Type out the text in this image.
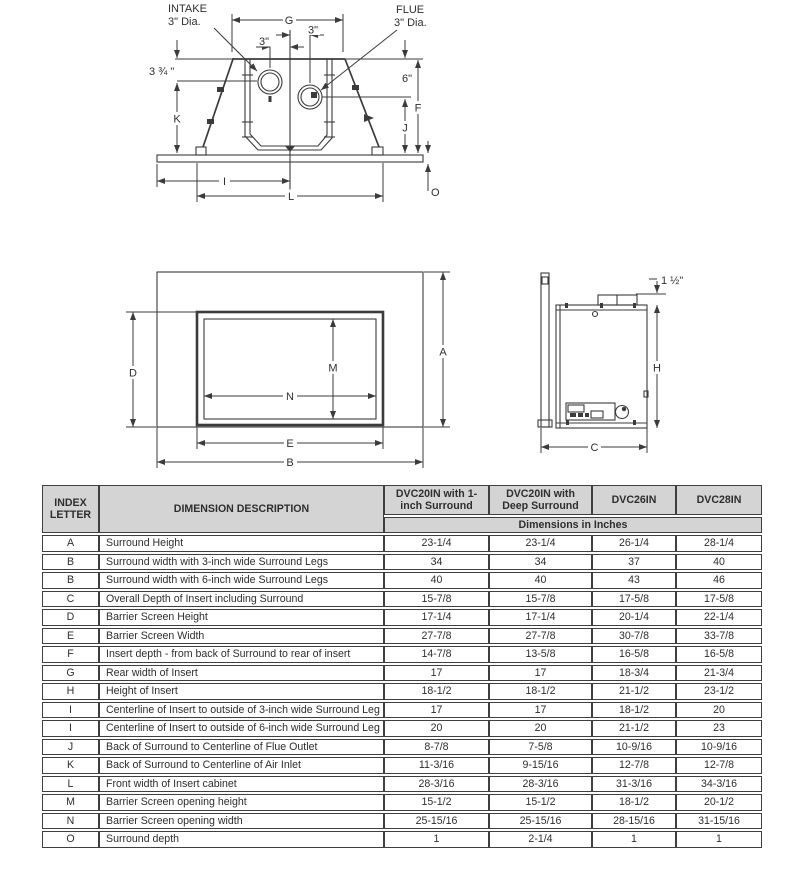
G
3"
3"
3 ¾ "
K
6"
J
F
I
L	O
INTAKE
3" Dia.
FLUE
3" Dia.
D
A
M
N
E
B
1 ½"
H
C
INDEX LETTER	DIMENSION DESCRIPTION	DVC20IN with 1-inch Surround	DVC20IN with Deep Surround	DVC26IN	DVC28IN
		Dimensions in Inches			
A	Surround Height	23-1/4	23-1/4	26-1/4	28-1/4
B	Surround width with 3-inch wide Surround Legs	34	34	37	40
B	Surround width with 6-inch wide Surround Legs	40	40	43	46
C	Overall Depth of Insert including Surround	15-7/8	15-7/8	17-5/8	17-5/8
D	Barrier Screen Height	17-1/4	17-1/4	20-1/4	22-1/4
E	Barrier Screen Width	27-7/8	27-7/8	30-7/8	33-7/8
F	Insert depth - from back of Surround to rear of insert	14-7/8	13-5/8	16-5/8	16-5/8
G	Rear width of Insert	17	17	18-3/4	21-3/4
H	Height of Insert	18-1/2	18-1/2	21-1/2	23-1/2
I	Centerline of Insert to outside of 3-inch wide Surround Leg	17	17	18-1/2	20
I	Centerline of Insert to outside of 6-inch wide Surround Leg	20	20	21-1/2	23
J	Back of Surround to Centerline of Flue Outlet	8-7/8	7-5/8	10-9/16	10-9/16
K	Back of Surround to Centerline of Air Inlet	11-3/16	9-15/16	12-7/8	12-7/8
L	Front width of Insert cabinet	28-3/16	28-3/16	31-3/16	34-3/16
M	Barrier Screen opening height	15-1/2	15-1/2	18-1/2	20-1/2
N	Barrier Screen opening width	25-15/16	25-15/16	28-15/16	31-15/16
O	Surround depth	1	2-1/4	1	1
